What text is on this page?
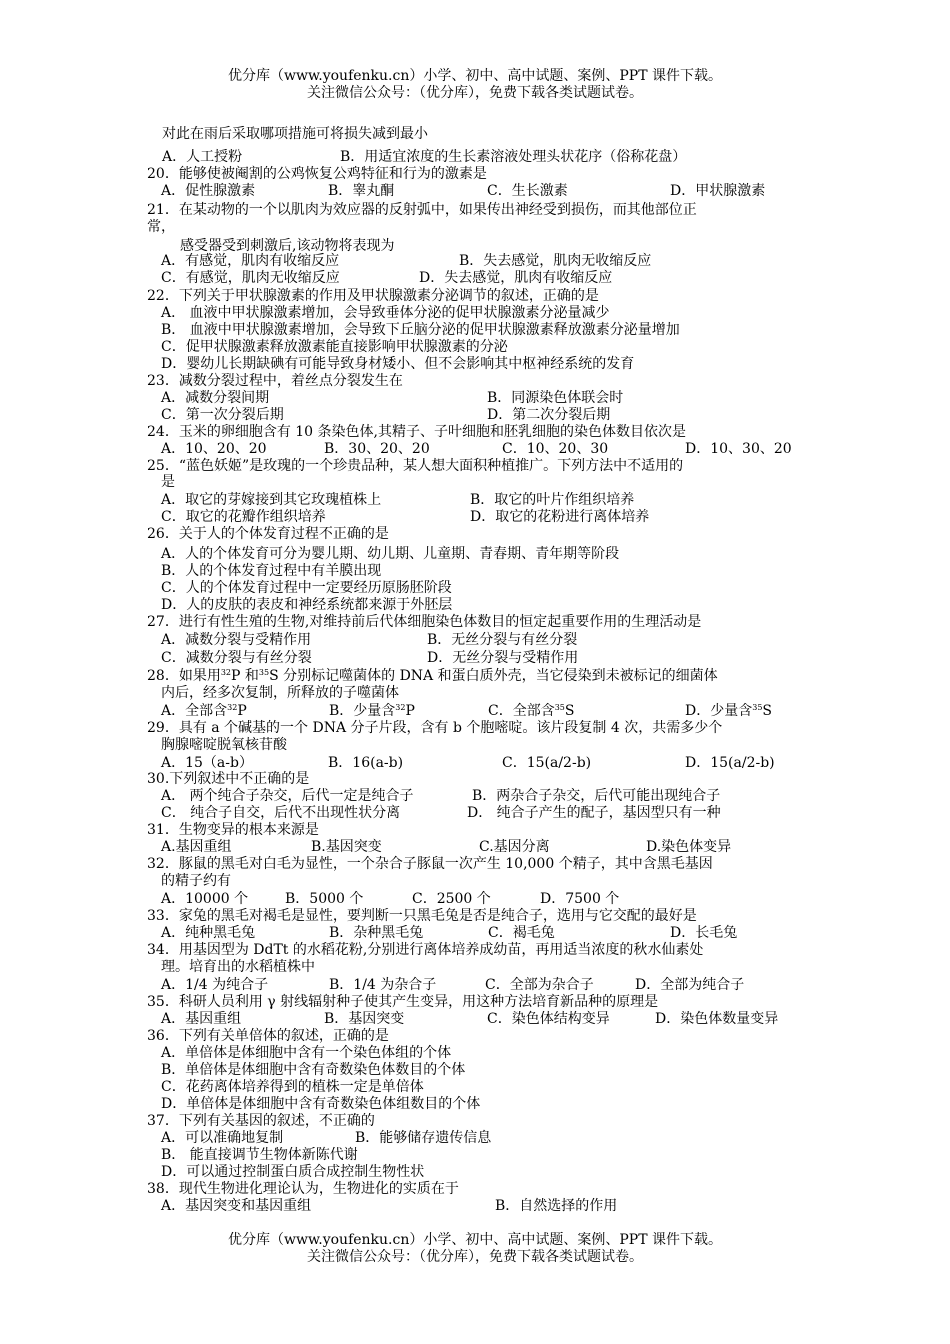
优分库（www.youfenku.cn）小学、初中、高中试题、案例、PPT 课件下载。
关注微信公众号：（优分库），免费下载各类试题试卷。
对此在雨后采取哪项措施可将损失减到最小
A．人工授粉	B．用适宜浓度的生长素溶液处理头状花序（俗称花盘）
20．能够使被阉割的公鸡恢复公鸡特征和行为的激素是
A．促性腺激素	B．睾丸酮	C．生长激素	D．甲状腺激素
21．在某动物的一个以肌肉为效应器的反射弧中，如果传出神经受到损伤，而其他部位正
常，
感受器受到刺激后,该动物将表现为
A．有感觉，肌肉有收缩反应	B．失去感觉，肌肉无收缩反应
C．有感觉，肌肉无收缩反应	D．失去感觉，肌肉有收缩反应
22．下列关于甲状腺激素的作用及甲状腺激素分泌调节的叙述，正确的是
A． 血液中甲状腺激素增加，会导致垂体分泌的促甲状腺激素分泌量减少
B． 血液中甲状腺激素增加，会导致下丘脑分泌的促甲状腺激素释放激素分泌量增加
C．促甲状腺激素释放激素能直接影响甲状腺激素的分泌
D．婴幼儿长期缺碘有可能导致身材矮小、但不会影响其中枢神经系统的发育
23．减数分裂过程中，着丝点分裂发生在
A．减数分裂间期	B．同源染色体联会时
C．第一次分裂后期	D．第二次分裂后期
24．玉米的卵细胞含有 10 条染色体,其精子、子叶细胞和胚乳细胞的染色体数目依次是
A．10、20、20	B．30、20、20	C．10、20、30	D．10、30、20
25．“蓝色妖姬”是玫瑰的一个珍贵品种，某人想大面积种植推广。下列方法中不适用的
是
A．取它的芽嫁接到其它玫瑰植株上	B．取它的叶片作组织培养
C．取它的花瓣作组织培养	D．取它的花粉进行离体培养
26．关于人的个体发育过程不正确的是
A．人的个体发育可分为婴儿期、幼儿期、儿童期、青春期、青年期等阶段
B．人的个体发育过程中有羊膜出现
C．人的个体发育过程中一定要经历原肠胚阶段
D．人的皮肤的表皮和神经系统都来源于外胚层
27．进行有性生殖的生物,对维持前后代体细胞染色体数目的恒定起重要作用的生理活动是
A．减数分裂与受精作用	B．无丝分裂与有丝分裂
C．减数分裂与有丝分裂	D．无丝分裂与受精作用
28．如果用$^{32}$P 和$^{35}$S 分别标记噬菌体的 DNA 和蛋白质外壳，当它侵染到未被标记的细菌体
内后，经多次复制，所释放的子噬菌体
A．全部含$^{32}$P	B．少量含$^{32}$P	C．全部含$^{35}$S	D．少量含$^{35}$S
29．具有 a 个碱基的一个 DNA 分子片段，含有 b 个胞嘧啶。该片段复制 4 次，共需多少个
胸腺嘧啶脱氧核苷酸
A．15（a-b）	B．16(a-b)	C．15(a/2-b)	D．15(a/2-b)
30.下列叙述中不正确的是
A． 两个纯合子杂交，后代一定是纯合子	B．两杂合子杂交，后代可能出现纯合子
C． 纯合子自交，后代不出现性状分离	D． 纯合子产生的配子，基因型只有一种
31．生物变异的根本来源是
A.基因重组	B.基因突变	C.基因分离	D.染色体变异
32．豚鼠的黑毛对白毛为显性，一个杂合子豚鼠一次产生 10,000 个精子，其中含黑毛基因
的精子约有
A．10000 个	B．5000 个	C．2500 个	D．7500 个
33．家兔的黑毛对褐毛是显性，要判断一只黑毛兔是否是纯合子，选用与它交配的最好是
A．纯种黑毛兔	B．杂种黑毛兔	C．褐毛兔	D．长毛兔
34．用基因型为 DdTt 的水稻花粉,分别进行离体培养成幼苗，再用适当浓度的秋水仙素处
理。培育出的水稻植株中
A．1/4 为纯合子	B．1/4 为杂合子	C．全部为杂合子	D．全部为纯合子
35．科研人员利用 γ 射线辐射种子使其产生变异，用这种方法培育新品种的原理是
A．基因重组	B．基因突变	C．染色体结构变异	D．染色体数量变异
36．下列有关单倍体的叙述，正确的是
A．单倍体是体细胞中含有一个染色体组的个体
B．单倍体是体细胞中含有奇数染色体数目的个体
C．花药离体培养得到的植株一定是单倍体
D．单倍体是体细胞中含有奇数染色体组数目的个体
37．下列有关基因的叙述，不正确的
A．可以准确地复制	B．能够储存遗传信息
B． 能直接调节生物体新陈代谢
D．可以通过控制蛋白质合成控制生物性状
38．现代生物进化理论认为，生物进化的实质在于
A．基因突变和基因重组	B．自然选择的作用
优分库（www.youfenku.cn）小学、初中、高中试题、案例、PPT 课件下载。
关注微信公众号：（优分库），免费下载各类试题试卷。
